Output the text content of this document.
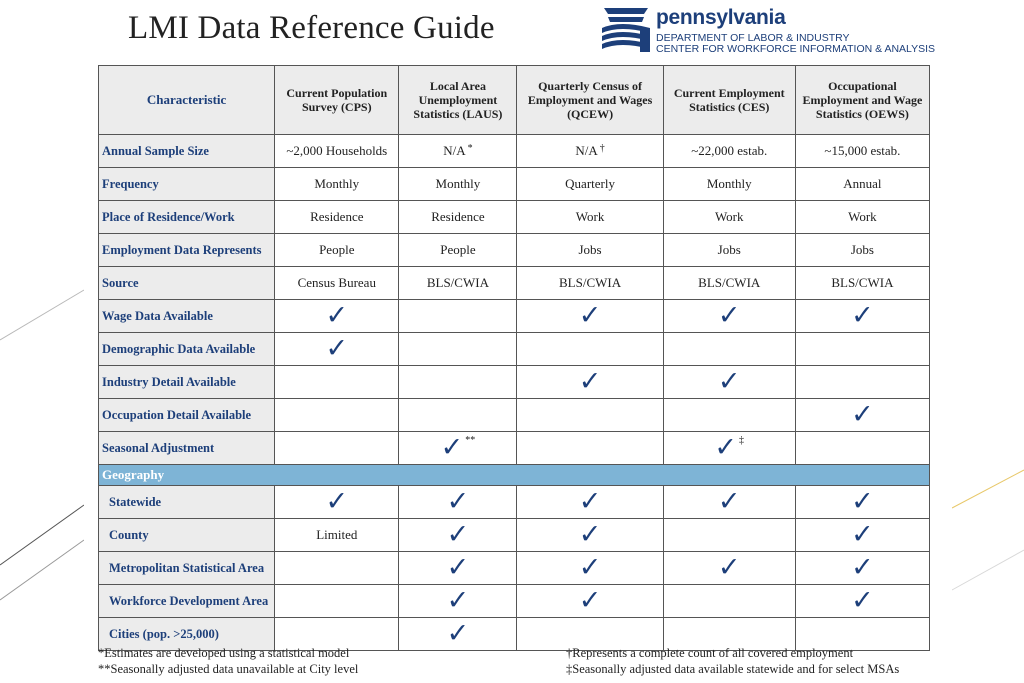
LMI Data Reference Guide	pennsylvania
DEPARTMENT OF LABOR & INDUSTRY
CENTER FOR WORKFORCE INFORMATION & ANALYSIS
Characteristic	Current Population Survey (CPS)	Local Area Unemployment Statistics (LAUS)	Quarterly Census of Employment and Wages (QCEW)	Current Employment Statistics (CES)	Occupational Employment and Wage Statistics (OEWS)
Annual Sample Size	~2,000 Households	N/A *	N/A †	~22,000 estab.	~15,000 estab.
Frequency	Monthly	Monthly	Quarterly	Monthly	Annual
Place of Residence/Work	Residence	Residence	Work	Work	Work
Employment Data Represents	People	People	Jobs	Jobs	Jobs
Source	Census Bureau	BLS/CWIA	BLS/CWIA	BLS/CWIA	BLS/CWIA
Wage Data Available	✓		✓	✓	✓
Demographic Data Available	✓				
Industry Detail Available			✓	✓	
Occupation Detail Available					✓
Seasonal Adjustment		✓ **		✓ ‡	
Geography					
Statewide	✓	✓	✓	✓	✓
County	Limited	✓	✓		✓
Metropolitan Statistical Area		✓	✓	✓	✓
Workforce Development Area		✓	✓		✓
Cities (pop. >25,000)		✓			
*Estimates are developed using a statistical model
**Seasonally adjusted data unavailable at City level
†Represents a complete count of all covered employment
‡Seasonally adjusted data available statewide and for select MSAs
